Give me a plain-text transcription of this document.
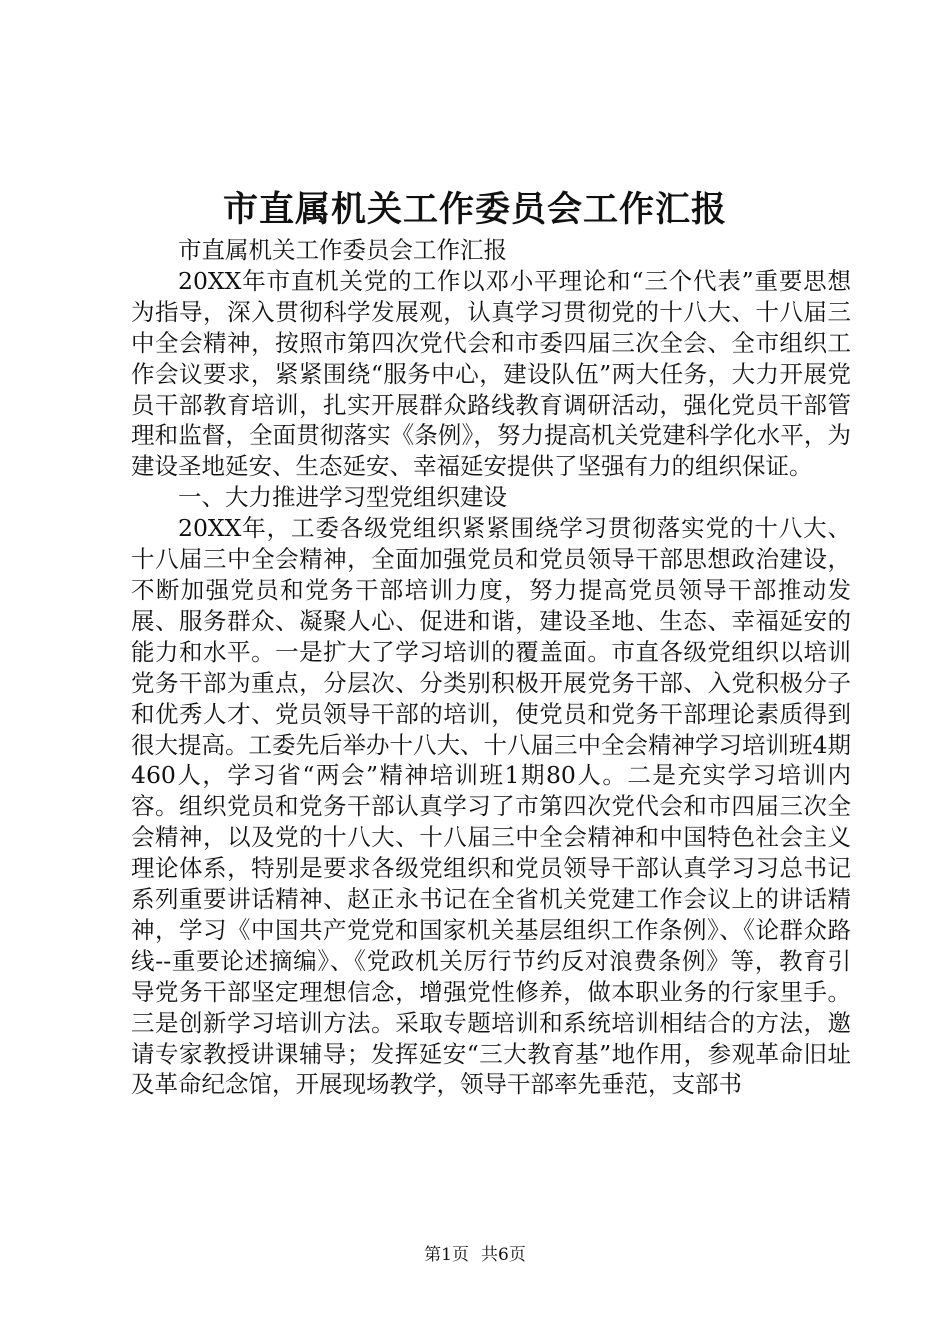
市直属机关工作委员会工作汇报

市直属机关工作委员会工作汇报

20XX年市直机关党的工作以邓小平理论和“三个代表”重要思想为指导，深入贯彻科学发展观，认真学习贯彻党的十八大、十八届三中全会精神，按照市第四次党代会和市委四届三次全会、全市组织工作会议要求，紧紧围绕“服务中心，建设队伍”两大任务，大力开展党员干部教育培训，扎实开展群众路线教育调研活动，强化党员干部管理和监督，全面贯彻落实《条例》，努力提高机关党建科学化水平，为建设圣地延安、生态延安、幸福延安提供了坚强有力的组织保证。

一、大力推进学习型党组织建设

20XX年，工委各级党组织紧紧围绕学习贯彻落实党的十八大、十八届三中全会精神，全面加强党员和党员领导干部思想政治建设，不断加强党员和党务干部培训力度，努力提高党员领导干部推动发展、服务群众、凝聚人心、促进和谐，建设圣地、生态、幸福延安的能力和水平。一是扩大了学习培训的覆盖面。市直各级党组织以培训党务干部为重点，分层次、分类别积极开展党务干部、入党积极分子和优秀人才、党员领导干部的培训，使党员和党务干部理论素质得到很大提高。工委先后举办十八大、十八届三中全会精神学习培训班4期460人，学习省“两会”精神培训班1期80人。二是充实学习培训内容。组织党员和党务干部认真学习了市第四次党代会和市四届三次全会精神，以及党的十八大、十八届三中全会精神和中国特色社会主义理论体系，特别是要求各级党组织和党员领导干部认真学习习总书记系列重要讲话精神、赵正永书记在全省机关党建工作会议上的讲话精神，学习《中国共产党党和国家机关基层组织工作条例》、《论群众路线--重要论述摘编》、《党政机关厉行节约反对浪费条例》等，教育引导党务干部坚定理想信念，增强党性修养，做本职业务的行家里手。三是创新学习培训方法。采取专题培训和系统培训相结合的方法，邀请专家教授讲课辅导；发挥延安“三大教育基”地作用，参观革命旧址及革命纪念馆，开展现场教学，领导干部率先垂范，支部书

第1页 共6页
